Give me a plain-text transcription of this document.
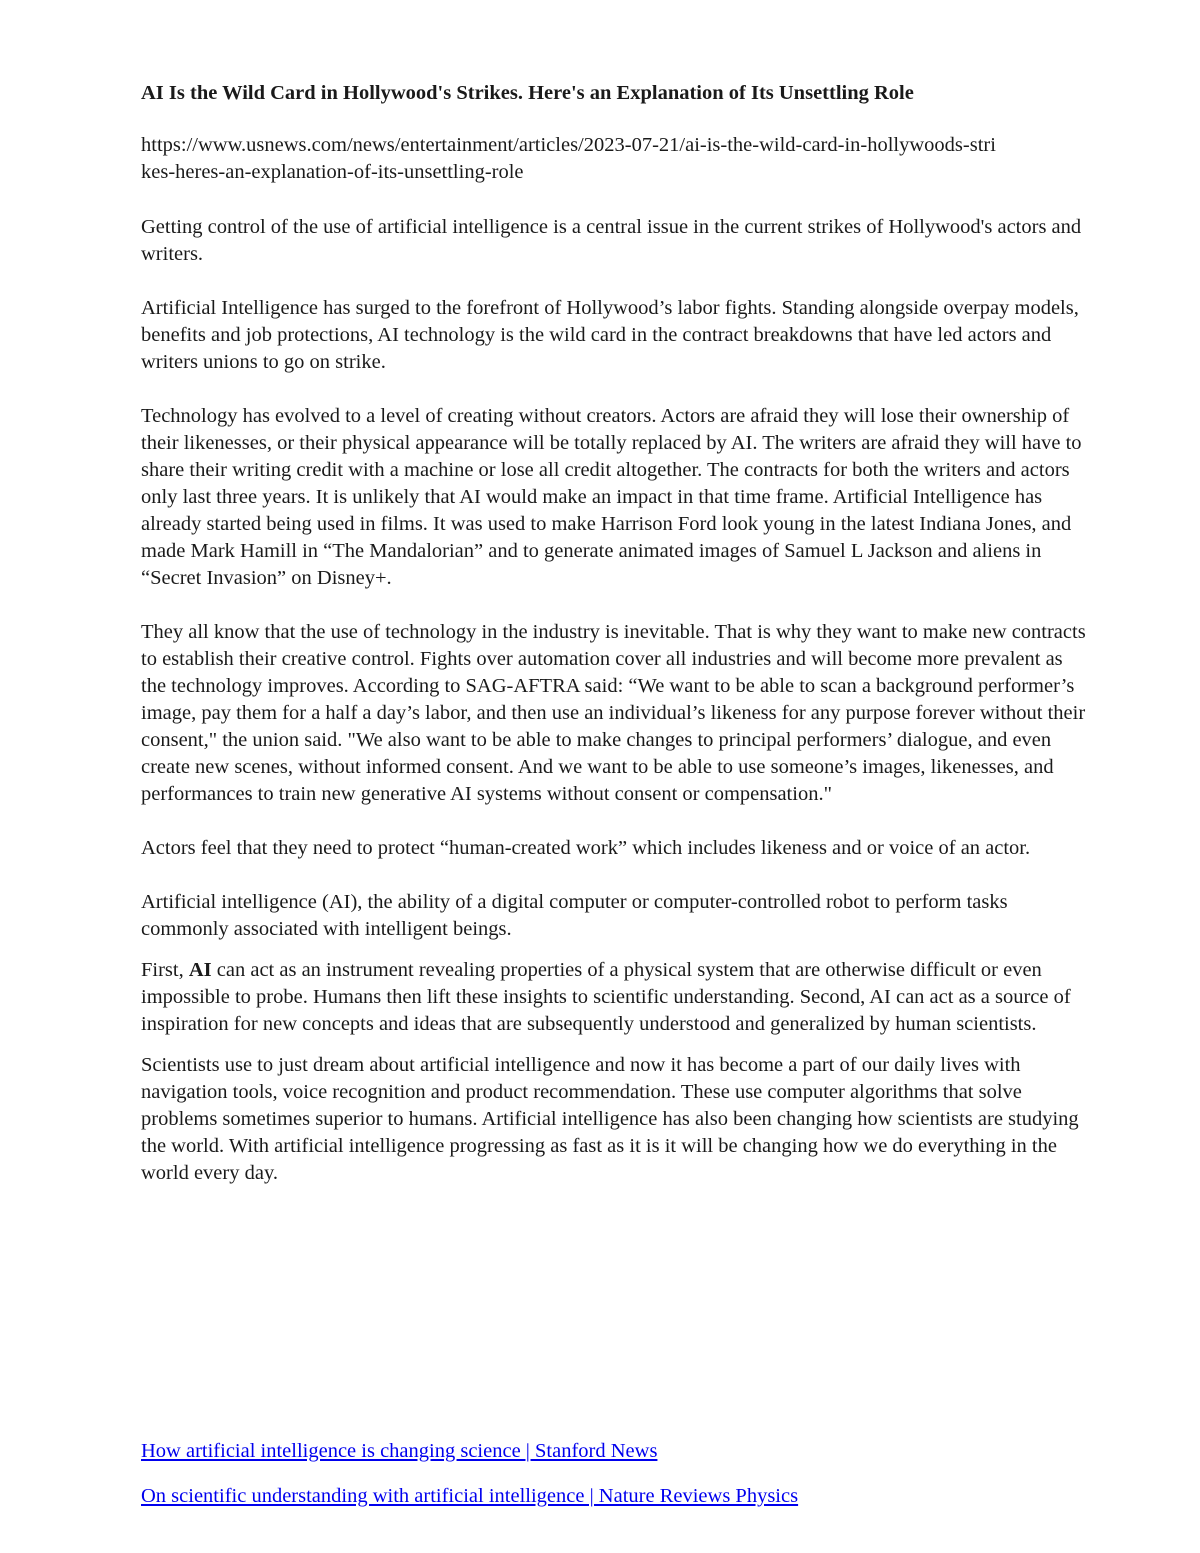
AI Is the Wild Card in Hollywood's Strikes. Here's an Explanation of Its Unsettling Role
https://www.usnews.com/news/entertainment/articles/2023-07-21/ai-is-the-wild-card-in-hollywoods-strikes-heres-an-explanation-of-its-unsettling-role

Getting control of the use of artificial intelligence is a central issue in the current strikes of Hollywood's actors and writers.

Artificial Intelligence has surged to the forefront of Hollywood’s labor fights. Standing alongside overpay models, benefits and job protections, AI technology is the wild card in the contract breakdowns that have led actors and writers unions to go on strike.

Technology has evolved to a level of creating without creators. Actors are afraid they will lose their ownership of their likenesses, or their physical appearance will be totally replaced by AI. The writers are afraid they will have to share their writing credit with a machine or lose all credit altogether. The contracts for both the writers and actors only last three years. It is unlikely that AI would make an impact in that time frame. Artificial Intelligence has already started being used in films. It was used to make Harrison Ford look young in the latest Indiana Jones, and made Mark Hamill in “The Mandalorian” and to generate animated images of Samuel L Jackson and aliens in “Secret Invasion” on Disney+.

They all know that the use of technology in the industry is inevitable. That is why they want to make new contracts to establish their creative control. Fights over automation cover all industries and will become more prevalent as the technology improves. According to SAG-AFTRA said: “We want to be able to scan a background performer’s image, pay them for a half a day’s labor, and then use an individual’s likeness for any purpose forever without their consent," the union said. "We also want to be able to make changes to principal performers’ dialogue, and even create new scenes, without informed consent. And we want to be able to use someone’s images, likenesses, and performances to train new generative AI systems without consent or compensation."

Actors feel that they need to protect “human-created work” which includes likeness and or voice of an actor.

Artificial intelligence (AI), the ability of a digital computer or computer-controlled robot to perform tasks commonly associated with intelligent beings.

First, AI can act as an instrument revealing properties of a physical system that are otherwise difficult or even impossible to probe. Humans then lift these insights to scientific understanding. Second, AI can act as a source of inspiration for new concepts and ideas that are subsequently understood and generalized by human scientists.

Scientists use to just dream about artificial intelligence and now it has become a part of our daily lives with navigation tools, voice recognition and product recommendation. These use computer algorithms that solve problems sometimes superior to humans. Artificial intelligence has also been changing how scientists are studying the world. With artificial intelligence progressing as fast as it is it will be changing how we do everything in the world every day.

How artificial intelligence is changing science | Stanford News
On scientific understanding with artificial intelligence | Nature Reviews Physics
